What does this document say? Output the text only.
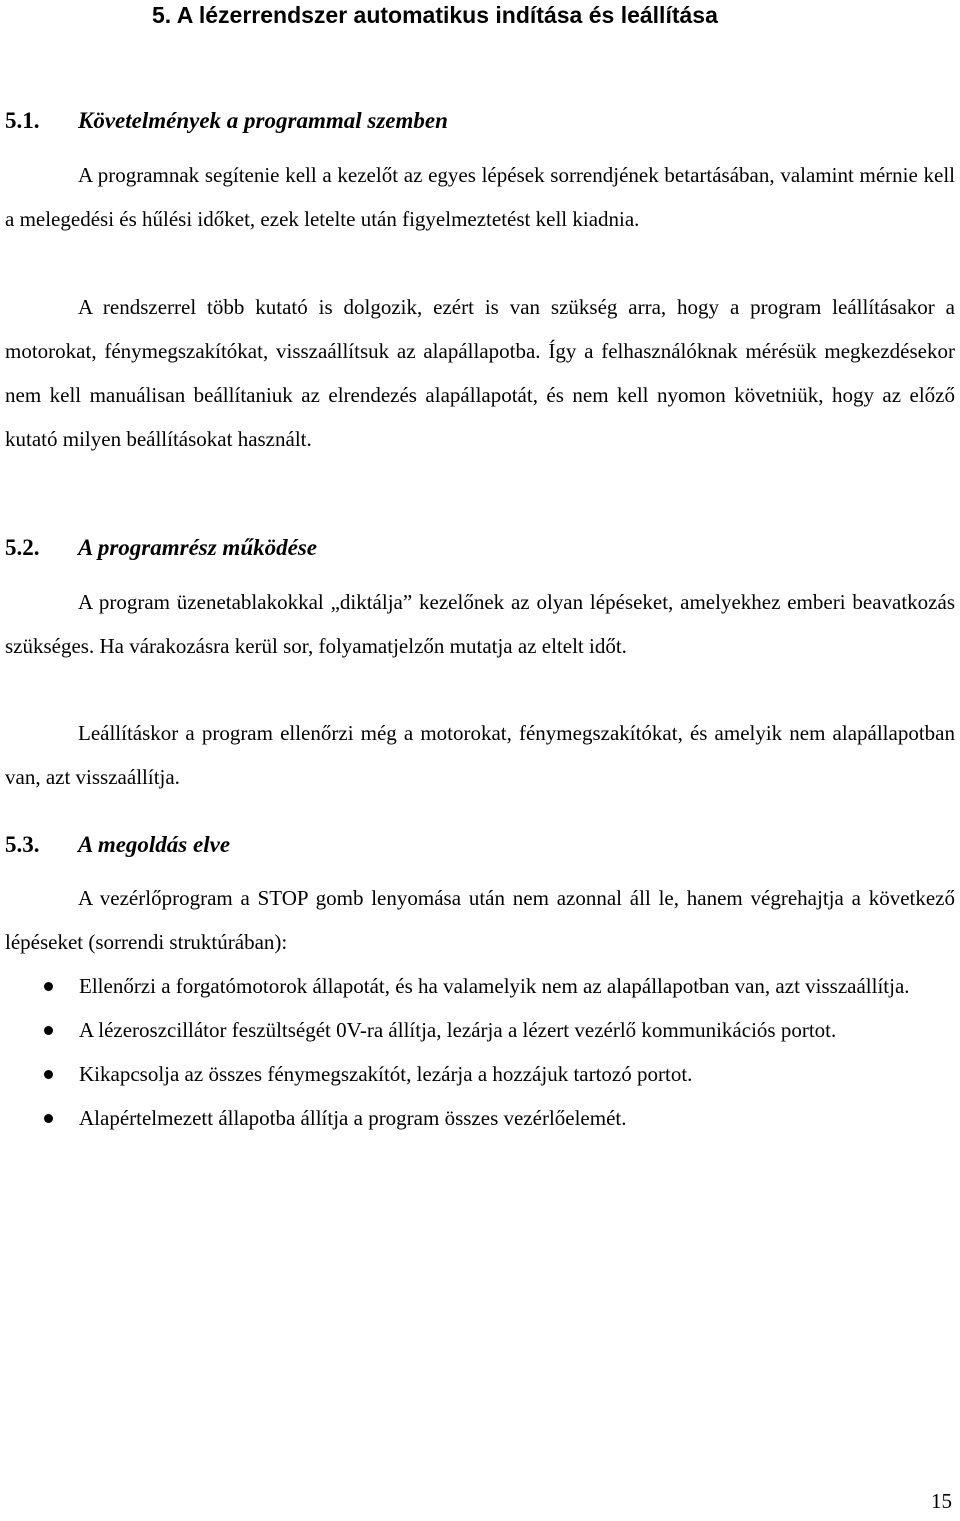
5. A lézerrendszer automatikus indítása és leállítása
5.1. Követelmények a programmal szemben

A programnak segítenie kell a kezelőt az egyes lépések sorrendjének betartásában, valamint mérnie kell a melegedési és hűlési időket, ezek letelte után figyelmeztetést kell kiadnia.

A rendszerrel több kutató is dolgozik, ezért is van szükség arra, hogy a program leállításakor a motorokat, fénymegszakítókat, visszaállítsuk az alapállapotba. Így a felhasználóknak mérésük megkezdésekor nem kell manuálisan beállítaniuk az elrendezés alapállapotát, és nem kell nyomon követniük, hogy az előző kutató milyen beállításokat használt.

5.2. A programrész működése

A program üzenetablakokkal „diktálja” kezelőnek az olyan lépéseket, amelyekhez emberi beavatkozás szükséges. Ha várakozásra kerül sor, folyamatjelzőn mutatja az eltelt időt.

Leállításkor a program ellenőrzi még a motorokat, fénymegszakítókat, és amelyik nem alapállapotban van, azt visszaállítja.

5.3. A megoldás elve

A vezérlőprogram a STOP gomb lenyomása után nem azonnal áll le, hanem végrehajtja a következő lépéseket (sorrendi struktúrában):

Ellenőrzi a forgatómotorok állapotát, és ha valamelyik nem az alapállapotban van, azt visszaállítja.
A lézeroszcillátor feszültségét 0V-ra állítja, lezárja a lézert vezérlő kommunikációs portot.
Kikapcsolja az összes fénymegszakítót, lezárja a hozzájuk tartozó portot.
Alapértelmezett állapotba állítja a program összes vezérlőelemét.
15
